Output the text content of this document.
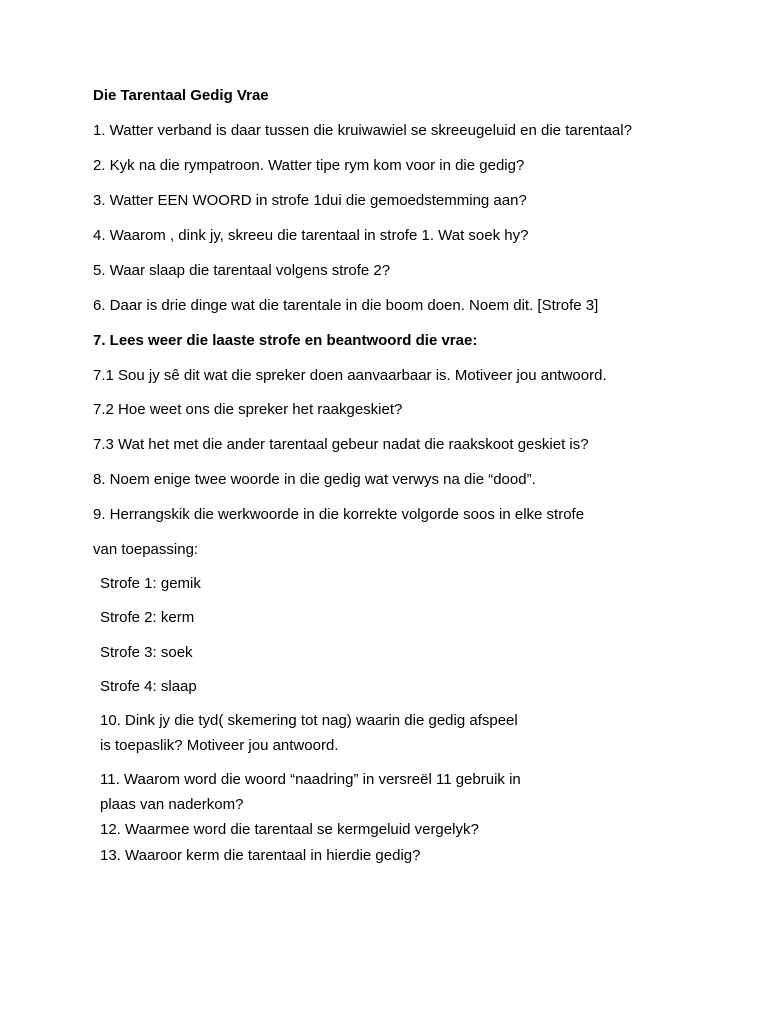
Die Tarentaal Gedig Vrae
1. Watter verband is daar tussen die kruiwawiel se skreeugeluid en die tarentaal?
2. Kyk na die rympatroon. Watter tipe rym kom voor in die gedig?
3. Watter EEN WOORD in strofe 1dui die gemoedstemming aan?
4. Waarom , dink jy, skreeu die tarentaal in strofe 1. Wat soek hy?
5. Waar slaap die tarentaal volgens strofe 2?
6. Daar is drie dinge wat die tarentale in die boom doen. Noem dit. [Strofe 3]
7. Lees weer die laaste strofe en beantwoord die vrae:
7.1 Sou jy sê dit wat die spreker doen aanvaarbaar is. Motiveer jou antwoord.
7.2 Hoe weet ons die spreker het raakgeskiet?
7.3 Wat het met die ander tarentaal gebeur nadat die raakskoot geskiet is?
8. Noem enige twee woorde in die gedig wat verwys na die “dood”.
9. Herrangskik die werkwoorde in die korrekte volgorde soos in elke strofe
van toepassing:
Strofe 1: gemik
Strofe 2: kerm
Strofe 3: soek
Strofe 4: slaap
10. Dink jy die tyd( skemering tot nag) waarin die gedig afspeel
is toepaslik? Motiveer jou antwoord.
11. Waarom word die woord “naadring” in versreël 11 gebruik in
plaas van naderkom?
12. Waarmee word die tarentaal se kermgeluid vergelyk?
13. Waaroor kerm die tarentaal in hierdie gedig?
